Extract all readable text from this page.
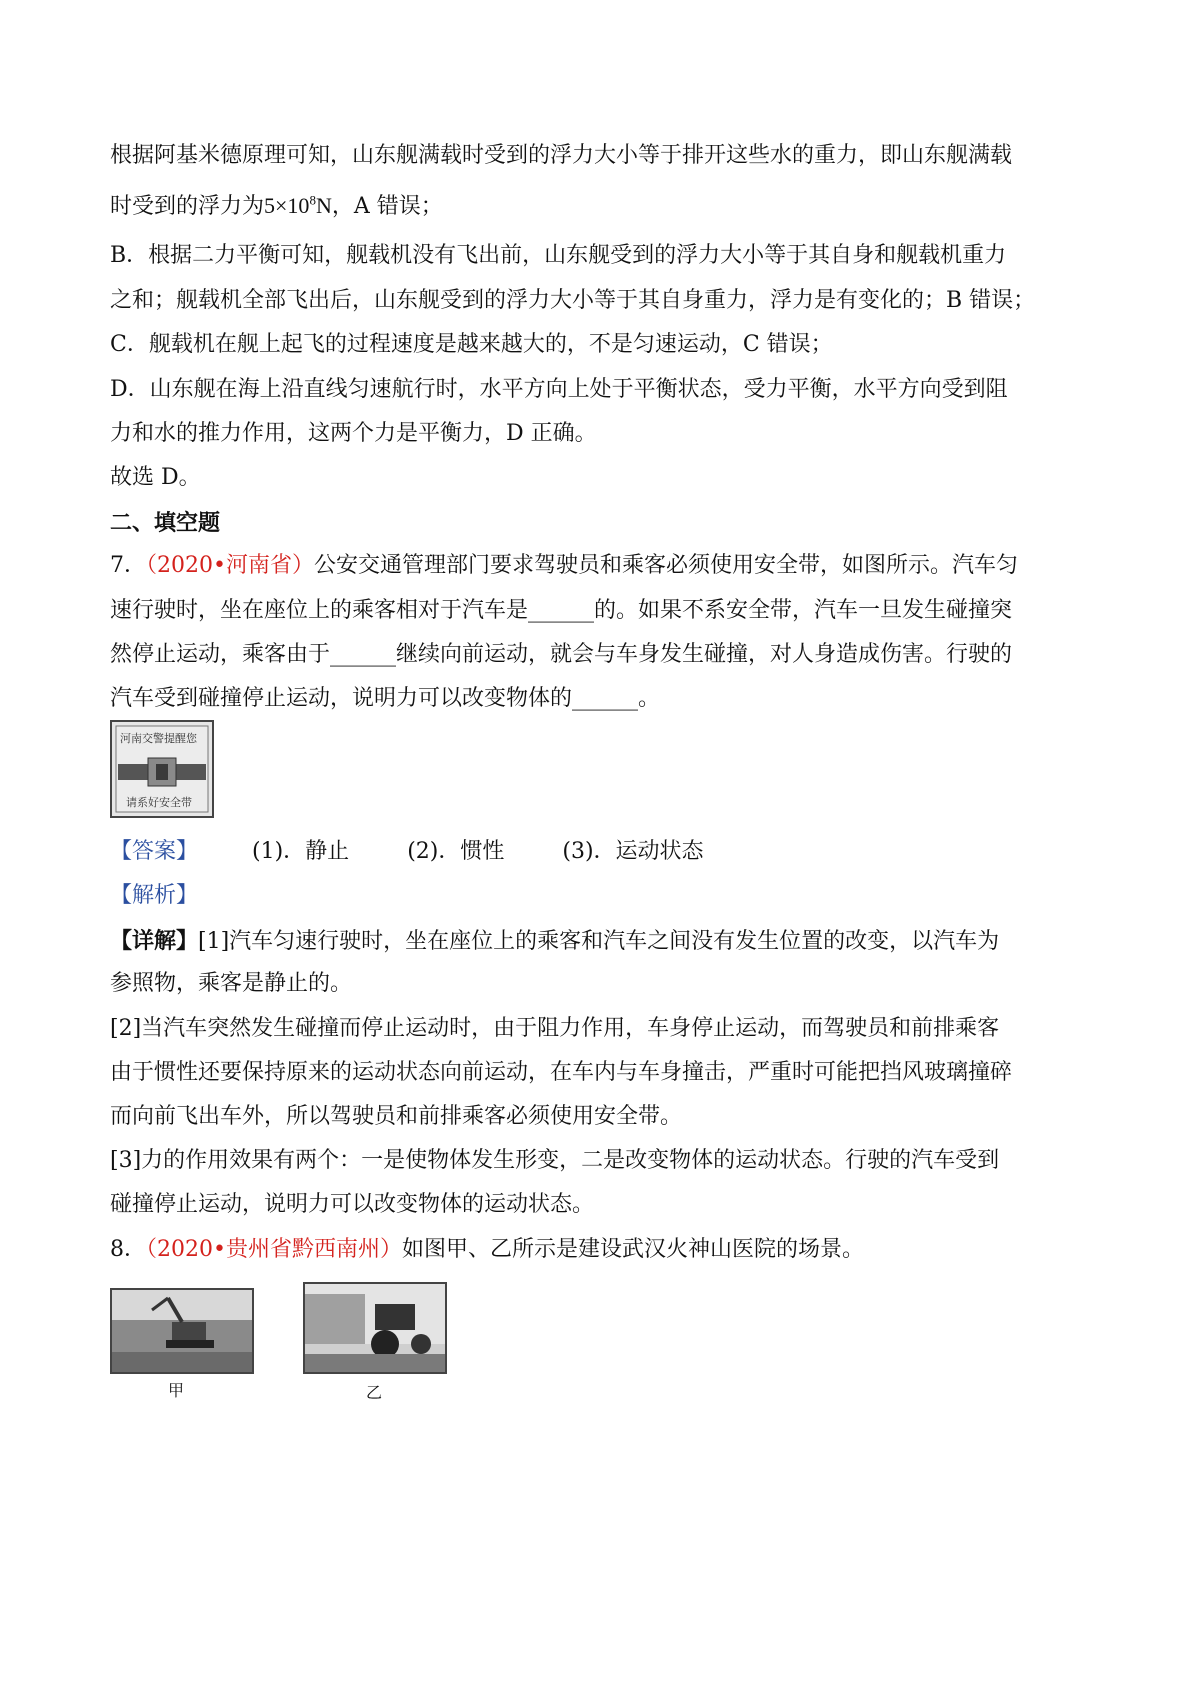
根据阿基米德原理可知，山东舰满载时受到的浮力大小等于排开这些水的重力，即山东舰满载
时受到的浮力为$5\times 10^8N$，A 错误；
B．根据二力平衡可知，舰载机没有飞出前，山东舰受到的浮力大小等于其自身和舰载机重力
之和；舰载机全部飞出后，山东舰受到的浮力大小等于其自身重力，浮力是有变化的；B 错误；
C．舰载机在舰上起飞的过程速度是越来越大的，不是匀速运动，C 错误；
D．山东舰在海上沿直线匀速航行时，水平方向上处于平衡状态，受力平衡，水平方向受到阻
力和水的推力作用，这两个力是平衡力，D 正确。
故选 D。
二、填空题
7．（2020•河南省）公安交通管理部门要求驾驶员和乘客必须使用安全带，如图所示。汽车匀
速行驶时，坐在座位上的乘客相对于汽车是______的。如果不系安全带，汽车一旦发生碰撞突
然停止运动，乘客由于______继续向前运动，就会与车身发生碰撞，对人身造成伤害。行驶的
汽车受到碰撞停止运动，说明力可以改变物体的______。
河南交警提醒您
请系好安全带
【答案】 (1)．静止	(2)．惯性	(3)．运动状态
【解析】
【详解】[1]汽车匀速行驶时，坐在座位上的乘客和汽车之间没有发生位置的改变，以汽车为
参照物，乘客是静止的。
[2]当汽车突然发生碰撞而停止运动时，由于阻力作用，车身停止运动，而驾驶员和前排乘客
由于惯性还要保持原来的运动状态向前运动，在车内与车身撞击，严重时可能把挡风玻璃撞碎
而向前飞出车外，所以驾驶员和前排乘客必须使用安全带。
[3]力的作用效果有两个：一是使物体发生形变，二是改变物体的运动状态。行驶的汽车受到
碰撞停止运动，说明力可以改变物体的运动状态。
8．（2020•贵州省黔西南州）如图甲、乙所示是建设武汉火神山医院的场景。
甲	乙
